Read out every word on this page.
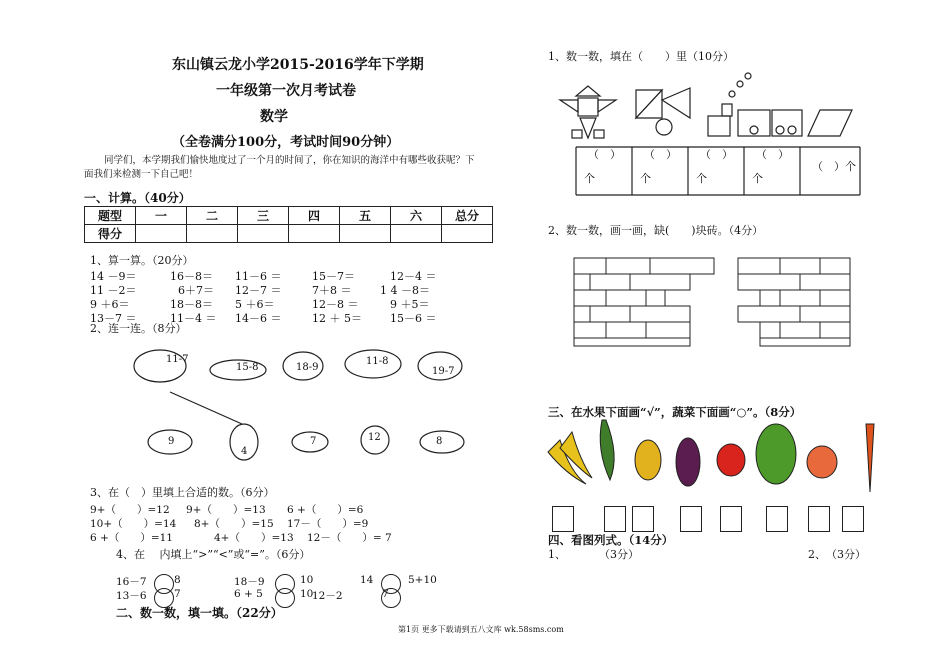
东山镇云龙小学2015-2016学年下学期
一年级第一次月考试卷
数学
（全卷满分100分，考试时间90分钟）
同学们，本学期我们愉快地度过了一个月的时间了，你在知识的海洋中有哪些收获呢？下
面我们来检测一下自己吧！
一、计算。（40分）
题型	一	二	三	四	五	六	总分
得分							
1、算一算。（20分）
14 －9＝	16－8＝ 11－6 ＝	15－7＝	12－4 ＝
11 －2＝	6＋7＝ 12－7 ＝	7＋8 ＝	1 4 －8＝
9 ＋6＝	18－8＝ 5 ＋6＝	12－8 ＝	9 ＋5＝
13－7 ＝	11－4 ＝ 14－6 ＝	12 ＋ 5＝	15－6 ＝
2、连一连。（8分）
11-7
15-8	18-9
11-8
19-7
9
4
7	12	8
3、在（　）里填上合适的数。（6分）
9+（　　）=12 9+（　　）=13 6 +（　　）=6
10+（　　）=14 8+（　　）=15 17－（　　）=9
6 +（　　）=11	4+（　　）=13 12－（　　）= 7
4、在　 内填上“>”“<”或“=”。（6分）
16－7	8	18－9	10	14	5+10
13－6	7	6 + 5	10
12－2	7
二、数一数，填一填。（22分）
1、数一数，填在（　　）里（10分）
（　） （　） （　） （　）
个	个	个	个
（　）个
2、数一数，画一画，缺(　　)块砖。（4分）
三、在水果下面画“√”，蔬菜下面画“○”。（8分）
四、看图列式。（14分）
1、　　　　（3分）	2、　（3分）
第1页 更多下载请到五八文库 wk.58sms.com
